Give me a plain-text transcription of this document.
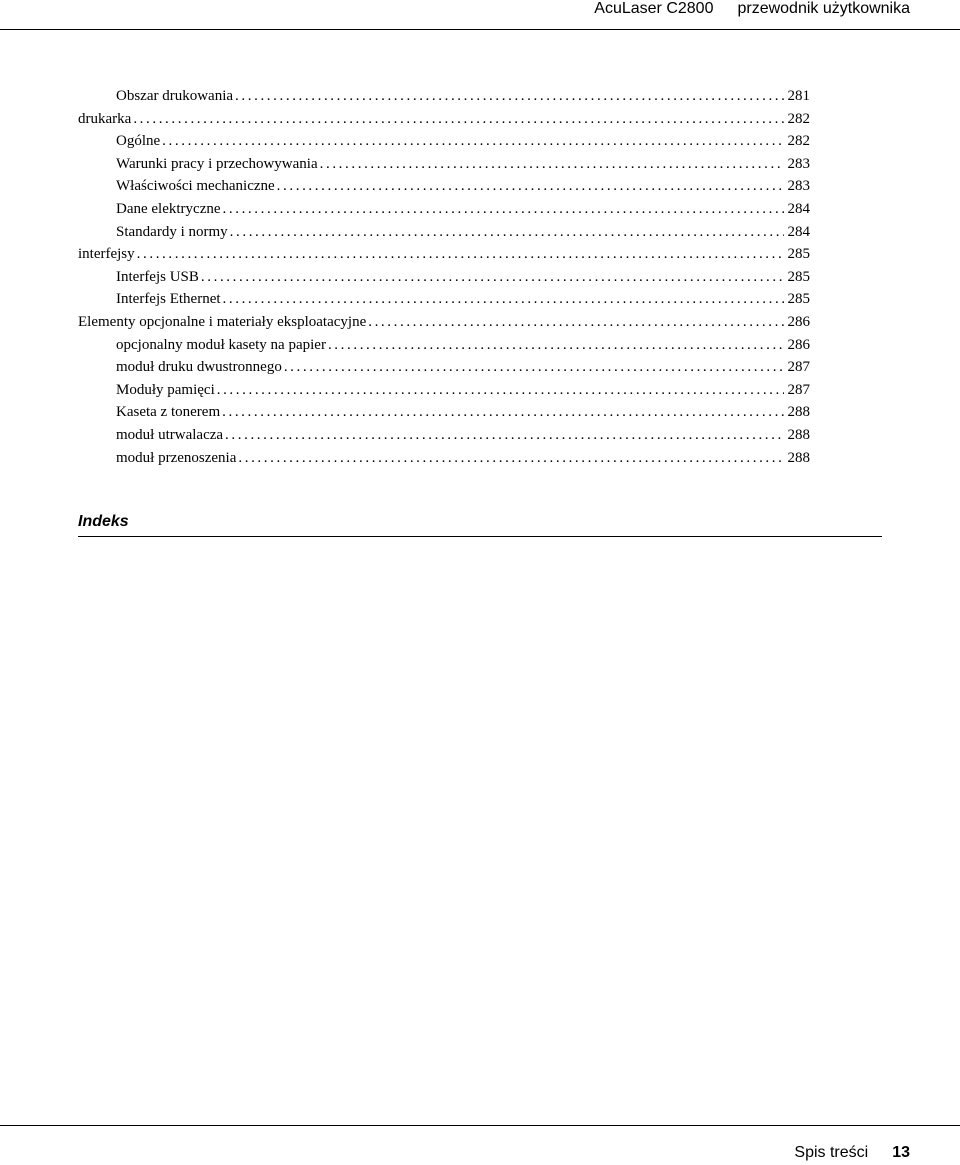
AcuLaser C2800 przewodnik użytkownika
Obszar drukowania .....	281
drukarka .....	282
Ogólne .....	282
Warunki pracy i przechowywania .....	283
Właściwości mechaniczne .....	283
Dane elektryczne .....	284
Standardy i normy .....	284
interfejsy .....	285
Interfejs USB .....	285
Interfejs Ethernet .....	285
Elementy opcjonalne i materiały eksploatacyjne .....	286
opcjonalny moduł kasety na papier .....	286
moduł druku dwustronnego .....	287
Moduły pamięci .....	287
Kaseta z tonerem .....	288
moduł utrwalacza .....	288
moduł przenoszenia .....	288
Indeks
Spis treści 13
